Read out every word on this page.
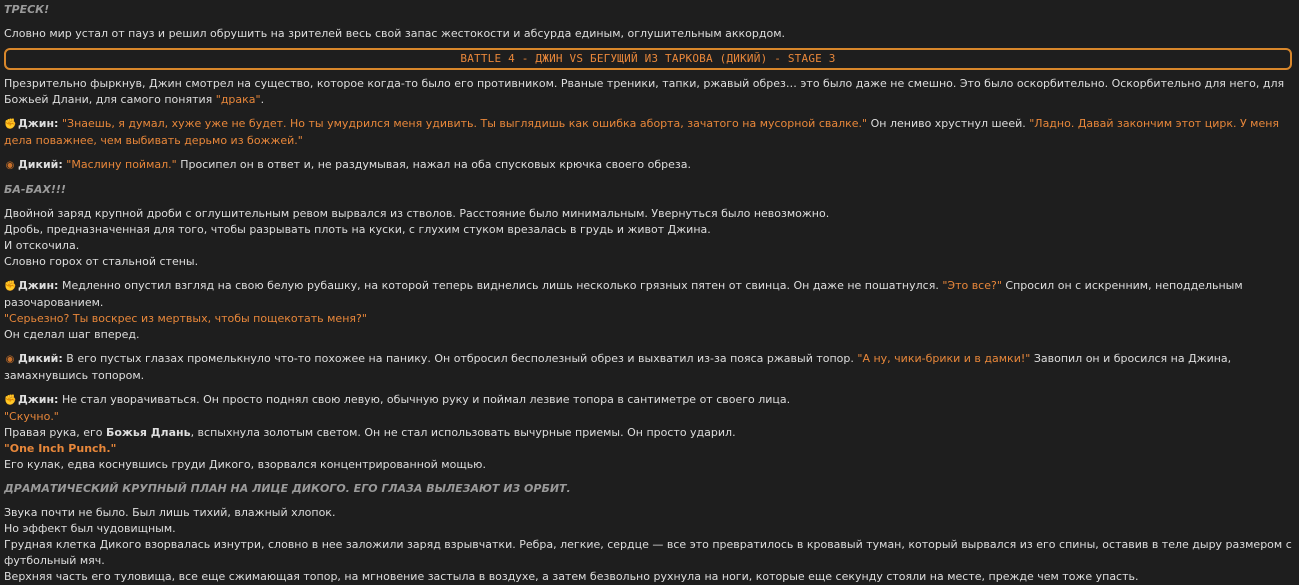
ТРЕСК!

Словно мир устал от пауз и решил обрушить на зрителей весь свой запас жестокости и абсурда единым, оглушительным аккордом.

BATTLE 4 - ДЖИН VS БЕГУЩИЙ ИЗ ТАРКОВА (ДИКИЙ) - STAGE 3

Презрительно фыркнув, Джин смотрел на существо, которое когда-то было его противником. Рваные треники, тапки, ржавый обрез… это было даже не смешно. Это было оскорбительно. Оскорбительно для него, для Божьей Длани, для самого понятия "драка".

✊ Джин: "Знаешь, я думал, хуже уже не будет. Но ты умудрился меня удивить. Ты выглядишь как ошибка аборта, зачатого на мусорной свалке." Он лениво хрустнул шеей. "Ладно. Давай закончим этот цирк. У меня дела поважнее, чем выбивать дерьмо из божжей."

◉ Дикий: "Маслину поймал." Просипел он в ответ и, не раздумывая, нажал на оба спусковых крючка своего обреза.

БА-БАХ!!!

Двойной заряд крупной дроби с оглушительным ревом вырвался из стволов. Расстояние было минимальным. Увернуться было невозможно.

Дробь, предназначенная для того, чтобы разрывать плоть на куски, с глухим стуком врезалась в грудь и живот Джина.

И отскочила.

Словно горох от стальной стены.

✊ Джин: Медленно опустил взгляд на свою белую рубашку, на которой теперь виднелись лишь несколько грязных пятен от свинца. Он даже не пошатнулся. "Это все?" Спросил он с искренним, неподдельным разочарованием.

"Серьезно? Ты воскрес из мертвых, чтобы пощекотать меня?"

Он сделал шаг вперед.

◉ Дикий: В его пустых глазах промелькнуло что-то похожее на панику. Он отбросил бесполезный обрез и выхватил из-за пояса ржавый топор. "А ну, чики-брики и в дамки!" Завопил он и бросился на Джина, замахнувшись топором.

✊ Джин: Не стал уворачиваться. Он просто поднял свою левую, обычную руку и поймал лезвие топора в сантиметре от своего лица.

"Скучно."

Правая рука, его Божья Длань, вспыхнула золотым светом. Он не стал использовать вычурные приемы. Он просто ударил.

"One Inch Punch."

Его кулак, едва коснувшись груди Дикого, взорвался концентрированной мощью.

ДРАМАТИЧЕСКИЙ КРУПНЫЙ ПЛАН НА ЛИЦЕ ДИКОГО. ЕГО ГЛАЗА ВЫЛЕЗАЮТ ИЗ ОРБИТ.

Звука почти не было. Был лишь тихий, влажный хлопок.

Но эффект был чудовищным.

Грудная клетка Дикого взорвалась изнутри, словно в нее заложили заряд взрывчатки. Ребра, легкие, сердце — все это превратилось в кровавый туман, который вырвался из его спины, оставив в теле дыру размером с футбольный мяч.

Верхняя часть его туловища, все еще сжимающая топор, на мгновение застыла в воздухе, а затем безвольно рухнула на ноги, которые еще секунду стояли на месте, прежде чем тоже упасть.
